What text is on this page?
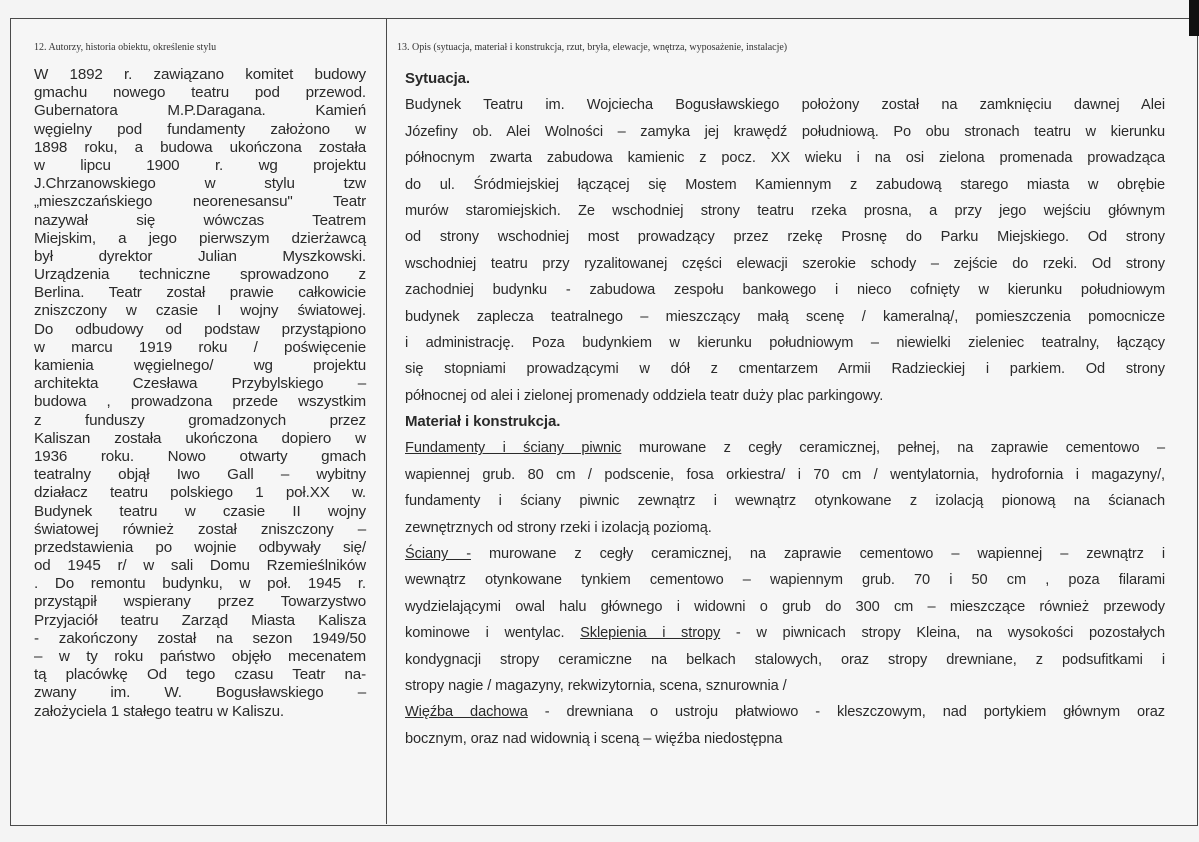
12. Autorzy, historia obiektu, określenie stylu	13. Opis (sytuacja, materiał i konstrukcja, rzut, bryła, elewacje, wnętrza, wyposażenie, instalacje)
W 1892 r. zawiązano komitet budowy
gmachu nowego teatru pod przewod.
Gubernatora M.P.Daragana. Kamień
węgielny pod fundamenty założono w
1898 roku, a budowa ukończona została
w lipcu 1900 r. wg projektu
J.Chrzanowskiego w stylu tzw
„mieszczańskiego neorenesansu" Teatr
nazywał się wówczas Teatrem
Miejskim, a jego pierwszym dzierżawcą
był dyrektor Julian Myszkowski.
Urządzenia techniczne sprowadzono z
Berlina. Teatr został prawie całkowicie
zniszczony w czasie I wojny światowej.
Do odbudowy od podstaw przystąpiono
w marcu 1919 roku / poświęcenie
kamienia węgielnego/ wg projektu
architekta Czesława Przybylskiego –
budowa , prowadzona przede wszystkim
z funduszy gromadzonych przez
Kaliszan została ukończona dopiero w
1936 roku. Nowo otwarty gmach
teatralny objął Iwo Gall – wybitny
działacz teatru polskiego 1 poł.XX w.
Budynek teatru w czasie II wojny
światowej również został zniszczony –
przedstawienia po wojnie odbywały się/
od 1945 r/ w sali Domu Rzemieślników
. Do remontu budynku, w poł. 1945 r.
przystąpił wspierany przez Towarzystwo
Przyjaciół teatru Zarząd Miasta Kalisza
- zakończony został na sezon 1949/50
– w ty roku państwo objęło mecenatem
tą placówkę Od tego czasu Teatr na-
zwany im. W. Bogusławskiego –
założyciela 1 stałego teatru w Kaliszu.
Sytuacja.
Budynek Teatru im. Wojciecha Bogusławskiego położony został na zamknięciu dawnej Alei
Józefiny ob. Alei Wolności – zamyka jej krawędź południową. Po obu stronach teatru w kierunku
północnym zwarta zabudowa kamienic z pocz. XX wieku i na osi zielona promenada prowadząca
do ul. Śródmiejskiej łączącej się Mostem Kamiennym z zabudową starego miasta w obrębie
murów staromiejskich. Ze wschodniej strony teatru rzeka prosna, a przy jego wejściu głównym
od strony wschodniej most prowadzący przez rzekę Prosnę do Parku Miejskiego. Od strony
wschodniej teatru przy ryzalitowanej części elewacji szerokie schody – zejście do rzeki. Od strony
zachodniej budynku - zabudowa zespołu bankowego i nieco cofnięty w kierunku południowym
budynek zaplecza teatralnego – mieszczący małą scenę / kameralną/, pomieszczenia pomocnicze
i administrację. Poza budynkiem w kierunku południowym – niewielki zieleniec teatralny, łączący
się stopniami prowadzącymi w dół z cmentarzem Armii Radzieckiej i parkiem. Od strony
północnej od alei i zielonej promenady oddziela teatr duży plac parkingowy.
Materiał i konstrukcja.
Fundamenty i ściany piwnic murowane z cegły ceramicznej, pełnej, na zaprawie cementowo –
wapiennej grub. 80 cm / podscenie, fosa orkiestra/ i 70 cm / wentylatornia, hydrofornia i magazyny/,
fundamenty i ściany piwnic zewnątrz i wewnątrz otynkowane z izolacją pionową na ścianach
zewnętrznych od strony rzeki i izolacją poziomą.
Ściany - murowane z cegły ceramicznej, na zaprawie cementowo – wapiennej – zewnątrz i
wewnątrz otynkowane tynkiem cementowo – wapiennym grub. 70 i 50 cm , poza filarami
wydzielającymi owal halu głównego i widowni o grub do 300 cm – mieszczące również przewody
kominowe i wentylac. Sklepienia i stropy - w piwnicach stropy Kleina, na wysokości pozostałych
kondygnacji stropy ceramiczne na belkach stalowych, oraz stropy drewniane, z podsufitkami i
stropy nagie / magazyny, rekwizytornia, scena, sznurownia /
Więźba dachowa - drewniana o ustroju płatwiowo - kleszczowym, nad portykiem głównym oraz
bocznym, oraz nad widownią i sceną – więźba niedostępna
